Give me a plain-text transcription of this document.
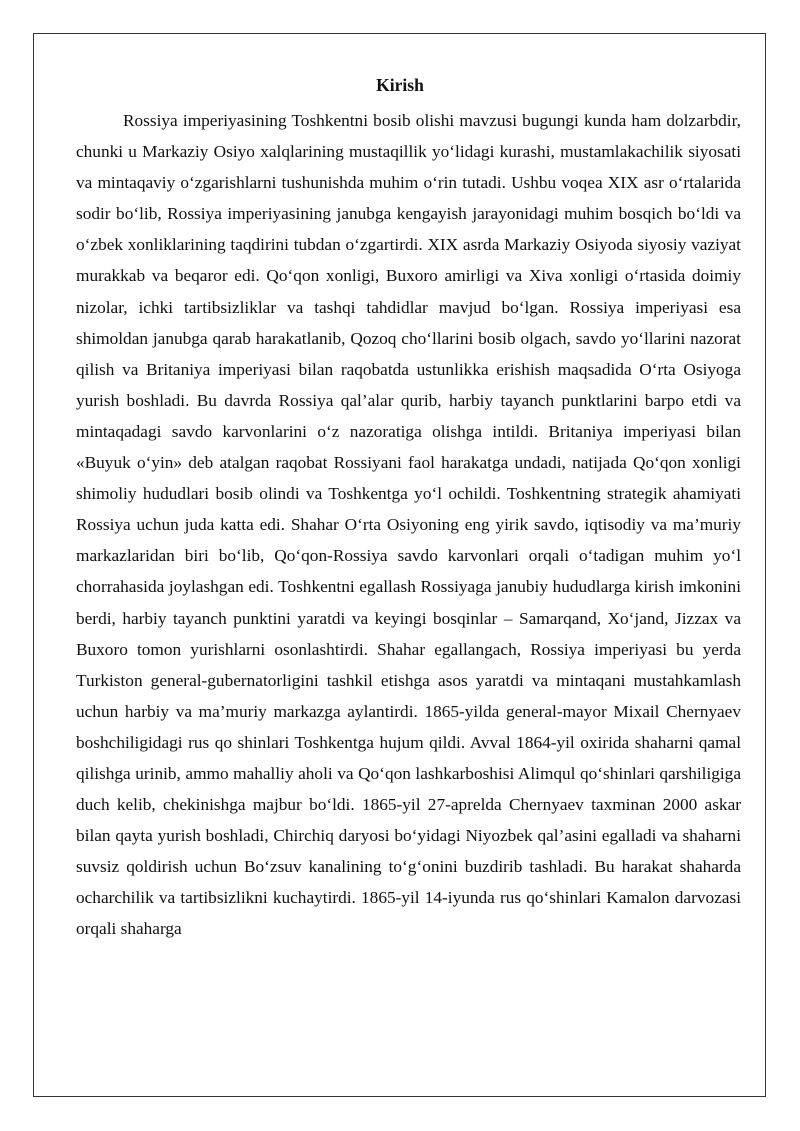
Kirish

Rossiya imperiyasining Toshkentni bosib olishi mavzusi bugungi kunda ham dolzarbdir, chunki u Markaziy Osiyo xalqlarining mustaqillik yo‘lidagi kurashi, mustamlakachilik siyosati va mintaqaviy o‘zgarishlarni tushunishda muhim o‘rin tutadi. Ushbu voqea XIX asr o‘rtalarida sodir bo‘lib, Rossiya imperiyasining janubga kengayish jarayonidagi muhim bosqich bo‘ldi va o‘zbek xonliklarining taqdirini tubdan o‘zgartirdi. XIX asrda Markaziy Osiyoda siyosiy vaziyat murakkab va beqaror edi. Qo‘qon xonligi, Buxoro amirligi va Xiva xonligi o‘rtasida doimiy nizolar, ichki tartibsizliklar va tashqi tahdidlar mavjud bo‘lgan. Rossiya imperiyasi esa shimoldan janubga qarab harakatlanib, Qozoq cho‘llarini bosib olgach, savdo yo‘llarini nazorat qilish va Britaniya imperiyasi bilan raqobatda ustunlikka erishish maqsadida O‘rta Osiyoga yurish boshladi. Bu davrda Rossiya qal’alar qurib, harbiy tayanch punktlarini barpo etdi va mintaqadagi savdo karvonlarini o‘z nazoratiga olishga intildi. Britaniya imperiyasi bilan «Buyuk o‘yin» deb atalgan raqobat Rossiyani faol harakatga undadi, natijada Qo‘qon xonligi shimoliy hududlari bosib olindi va Toshkentga yo‘l ochildi. Toshkentning strategik ahamiyati Rossiya uchun juda katta edi. Shahar O‘rta Osiyoning eng yirik savdo, iqtisodiy va ma’muriy markazlaridan biri bo‘lib, Qo‘qon-Rossiya savdo karvonlari orqali o‘tadigan muhim yo‘l chorrahasida joylashgan edi. Toshkentni egallash Rossiyaga janubiy hududlarga kirish imkonini berdi, harbiy tayanch punktini yaratdi va keyingi bosqinlar – Samarqand, Xo‘jand, Jizzax va Buxoro tomon yurishlarni osonlashtirdi. Shahar egallangach, Rossiya imperiyasi bu yerda Turkiston general-gubernatorligini tashkil etishga asos yaratdi va mintaqani mustahkamlash uchun harbiy va ma’muriy markazga aylantirdi. 1865-yilda general-mayor Mixail Chernyaev boshchiligidagi rus qo shinlari Toshkentga hujum qildi. Avval 1864-yil oxirida shaharni qamal qilishga urinib, ammo mahalliy aholi va Qo‘qon lashkarboshisi Alimqul qo‘shinlari qarshiligiga duch kelib, chekinishga majbur bo‘ldi. 1865-yil 27-aprelda Chernyaev taxminan 2000 askar bilan qayta yurish boshladi, Chirchiq daryosi bo‘yidagi Niyozbek qal’asini egalladi va shaharni suvsiz qoldirish uchun Bo‘zsuv kanalining to‘g‘onini buzdirib tashladi. Bu harakat shaharda ocharchilik va tartibsizlikni kuchaytirdi. 1865-yil 14-iyunda rus qo‘shinlari Kamalon darvozasi orqali shaharga
